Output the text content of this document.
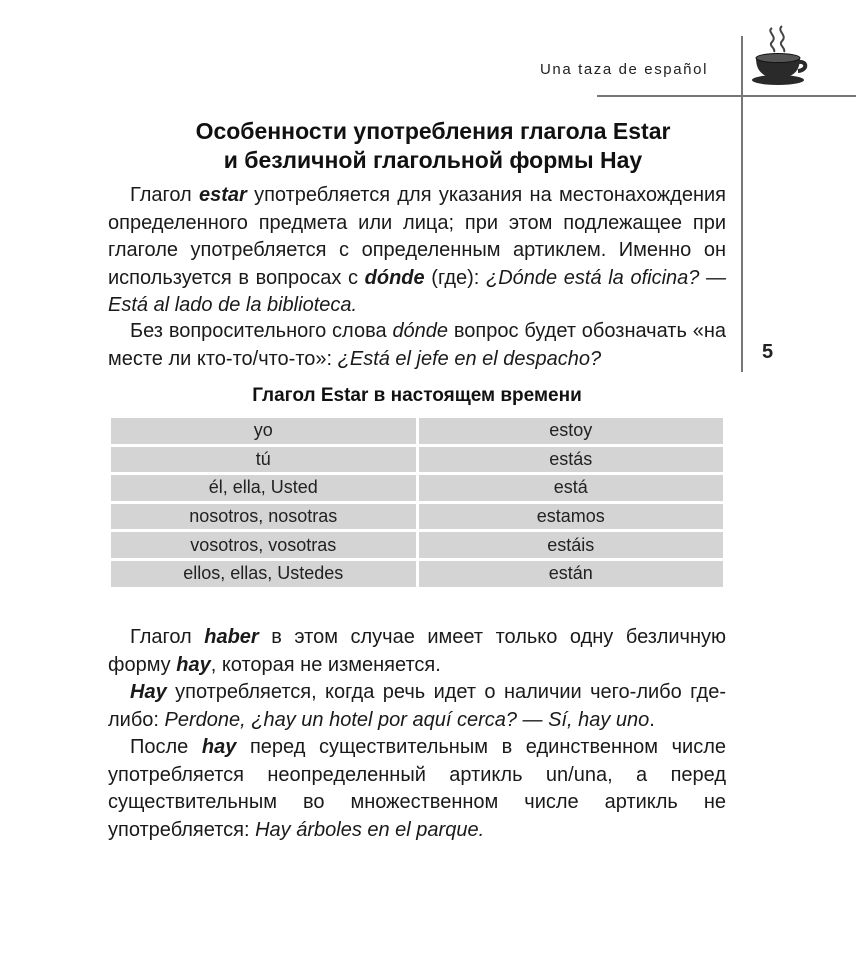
Una taza de español
5
Особенности употребления глагола Estar
и безличной глагольной формы Hay
Глагол estar употребляется для указания на местонахождения определенного предмета или лица; при этом подлежащее при глаголе употребляется с определенным артиклем. Именно он используется в вопросах с dónde (где): ¿Dónde está la oficina? — Está al lado de la biblioteca.
Без вопросительного слова dónde вопрос будет обозначать «на месте ли кто-то/что-то»: ¿Está el jefe en el despacho?
Глагол Estar в настоящем времени
yo	estoy
tú	estás
él, ella, Usted	está
nosotros, nosotras	estamos
vosotros, vosotras	estáis
ellos, ellas, Ustedes	están
Глагол haber в этом случае имеет только одну безличную форму hay, которая не изменяется.
Hay употребляется, когда речь идет о наличии чего-либо где-либо: Perdone, ¿hay un hotel por aquí cerca? — Sí, hay uno.
После hay перед существительным в единственном числе употребляется неопределенный артикль un/una, а перед существительным во множественном числе артикль не употребляется: Hay árboles en el parque.
